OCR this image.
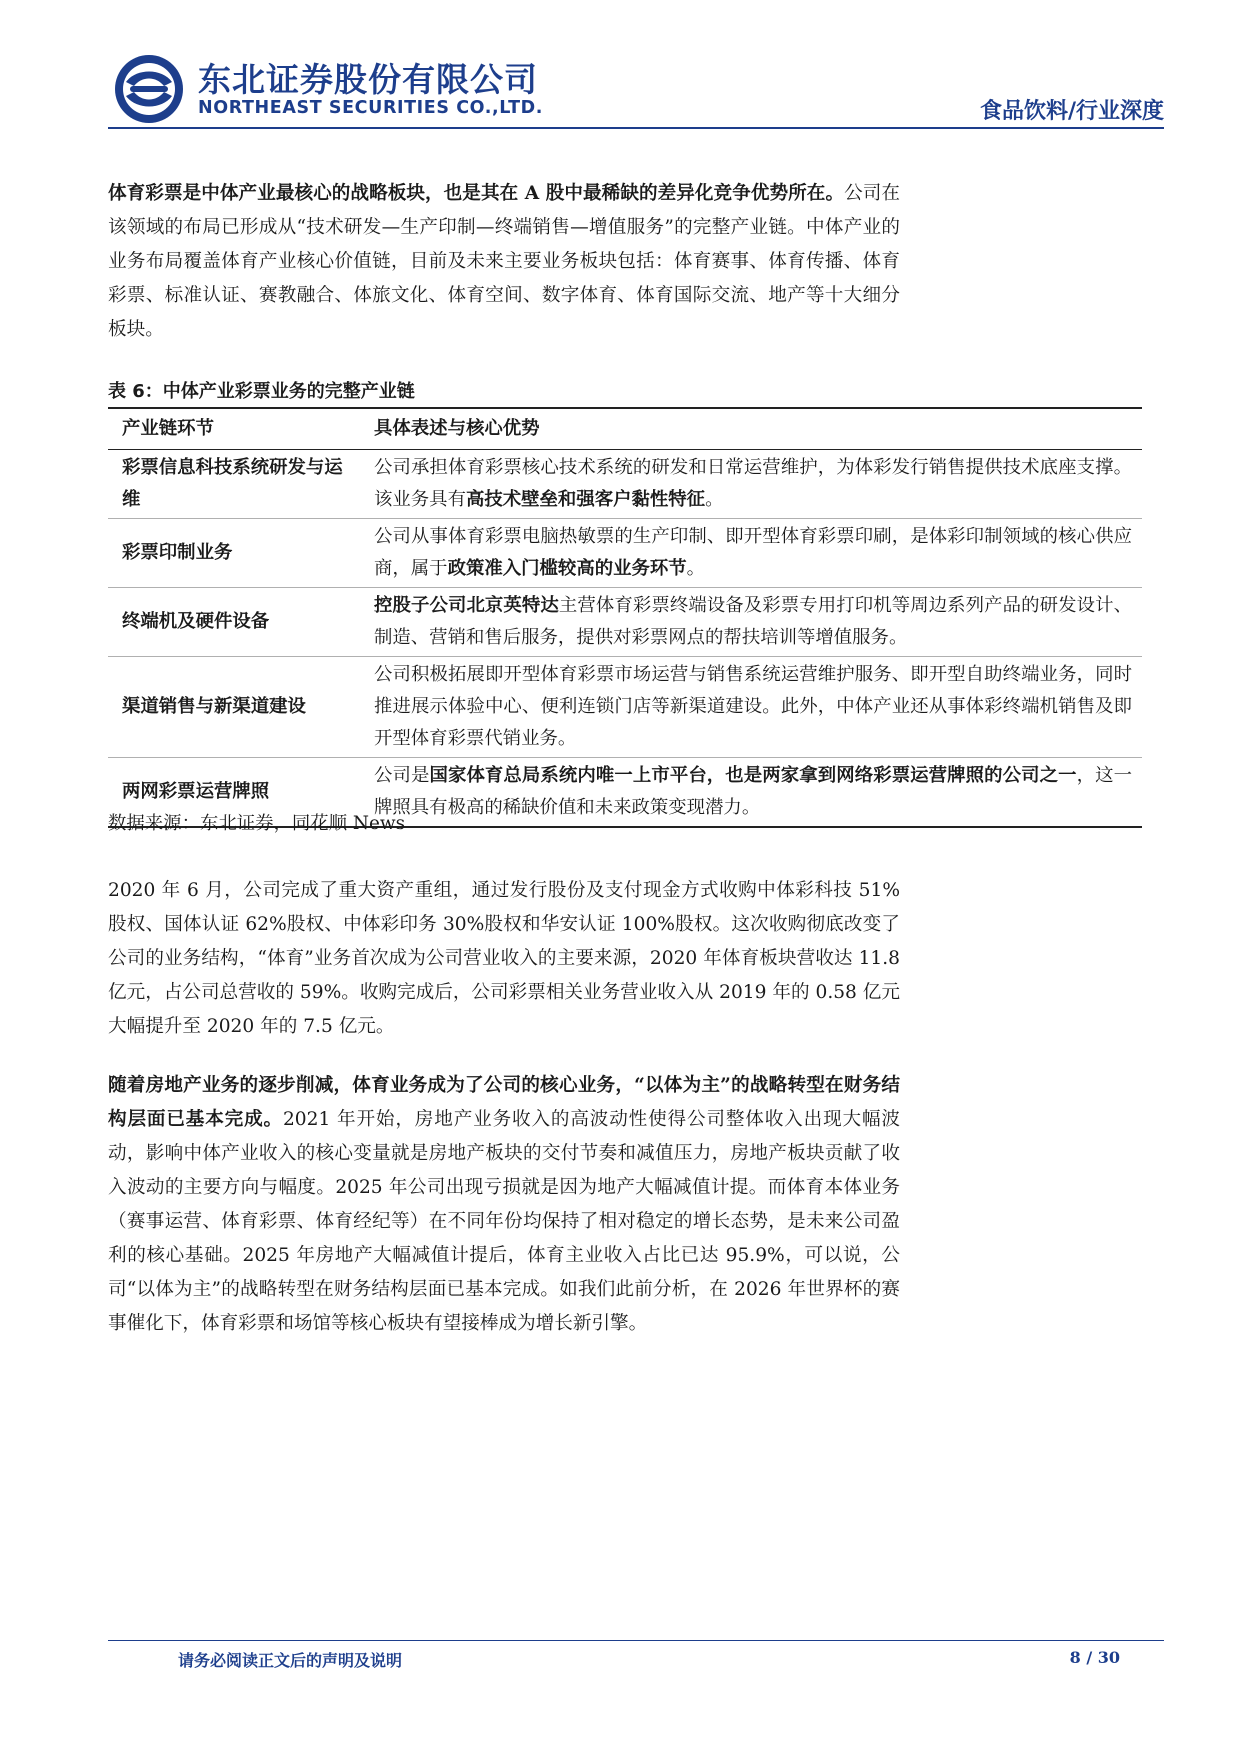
东北证券股份有限公司
NORTHEAST SECURITIES CO.,LTD.	食品饮料/行业深度

体育彩票是中体产业最核心的战略板块，也是其在 A 股中最稀缺的差异化竞争优势所在。公司在该领域的布局已形成从“技术研发—生产印制—终端销售—增值服务”的完整产业链。中体产业的业务布局覆盖体育产业核心价值链，目前及未来主要业务板块包括：体育赛事、体育传播、体育彩票、标准认证、赛教融合、体旅文化、体育空间、数字体育、体育国际交流、地产等十大细分板块。

表 6：中体产业彩票业务的完整产业链
产业链环节	具体表述与核心优势
彩票信息科技系统研发与运维	公司承担体育彩票核心技术系统的研发和日常运营维护，为体彩发行销售提供技术底座支撑。该业务具有高技术壁垒和强客户黏性特征。
彩票印制业务	公司从事体育彩票电脑热敏票的生产印制、即开型体育彩票印刷，是体彩印制领域的核心供应商，属于政策准入门槛较高的业务环节。
终端机及硬件设备	控股子公司北京英特达主营体育彩票终端设备及彩票专用打印机等周边系列产品的研发设计、制造、营销和售后服务，提供对彩票网点的帮扶培训等增值服务。
渠道销售与新渠道建设	公司积极拓展即开型体育彩票市场运营与销售系统运营维护服务、即开型自助终端业务，同时推进展示体验中心、便利连锁门店等新渠道建设。此外，中体产业还从事体彩终端机销售及即开型体育彩票代销业务。
两网彩票运营牌照	公司是国家体育总局系统内唯一上市平台，也是两家拿到网络彩票运营牌照的公司之一，这一牌照具有极高的稀缺价值和未来政策变现潜力。
数据来源：东北证券，同花顺 News

2020 年 6 月，公司完成了重大资产重组，通过发行股份及支付现金方式收购中体彩科技 51%股权、国体认证 62%股权、中体彩印务 30%股权和华安认证 100%股权。这次收购彻底改变了公司的业务结构，“体育”业务首次成为公司营业收入的主要来源，2020 年体育板块营收达 11.8 亿元，占公司总营收的 59%。收购完成后，公司彩票相关业务营业收入从 2019 年的 0.58 亿元大幅提升至 2020 年的 7.5 亿元。

随着房地产业务的逐步削减，体育业务成为了公司的核心业务，“以体为主”的战略转型在财务结构层面已基本完成。2021 年开始，房地产业务收入的高波动性使得公司整体收入出现大幅波动，影响中体产业收入的核心变量就是房地产板块的交付节奏和减值压力，房地产板块贡献了收入波动的主要方向与幅度。2025 年公司出现亏损就是因为地产大幅减值计提。而体育本体业务（赛事运营、体育彩票、体育经纪等）在不同年份均保持了相对稳定的增长态势，是未来公司盈利的核心基础。2025 年房地产大幅减值计提后，体育主业收入占比已达 95.9%，可以说，公司“以体为主”的战略转型在财务结构层面已基本完成。如我们此前分析，在 2026 年世界杯的赛事催化下，体育彩票和场馆等核心板块有望接棒成为增长新引擎。

请务必阅读正文后的声明及说明	8 / 30
